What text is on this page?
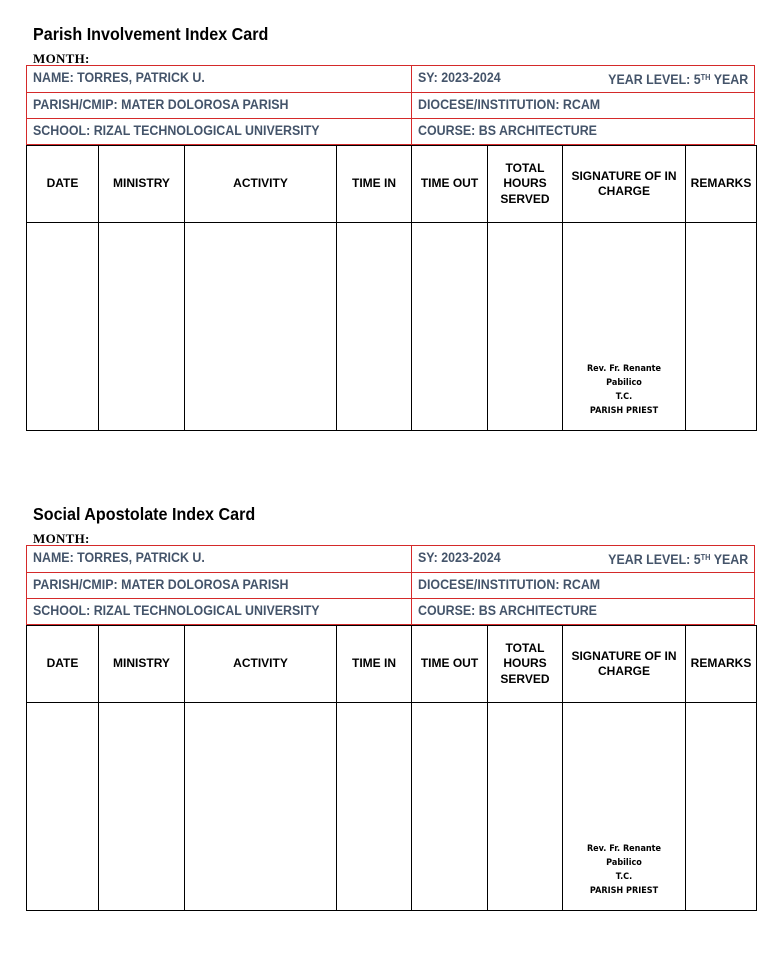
Parish Involvement Index Card
MONTH:
NAME: TORRES, PATRICK U.	SY: 2023-2024	YEAR LEVEL: 5TH YEAR
PARISH/CMIP: MATER DOLOROSA PARISH	DIOCESE/INSTITUTION: RCAM
SCHOOL: RIZAL TECHNOLOGICAL UNIVERSITY	COURSE: BS ARCHITECTURE
DATE	MINISTRY	ACTIVITY	TIME IN	TIME OUT	TOTAL HOURS SERVED	SIGNATURE OF IN CHARGE	REMARKS

						Rev. Fr. Renante Pabilico
T.C.
PARISH PRIEST	

Social Apostolate Index Card
MONTH:
NAME: TORRES, PATRICK U.	SY: 2023-2024	YEAR LEVEL: 5TH YEAR
PARISH/CMIP: MATER DOLOROSA PARISH	DIOCESE/INSTITUTION: RCAM
SCHOOL: RIZAL TECHNOLOGICAL UNIVERSITY	COURSE: BS ARCHITECTURE
DATE	MINISTRY	ACTIVITY	TIME IN	TIME OUT	TOTAL HOURS SERVED	SIGNATURE OF IN CHARGE	REMARKS

						Rev. Fr. Renante Pabilico
T.C.
PARISH PRIEST	
